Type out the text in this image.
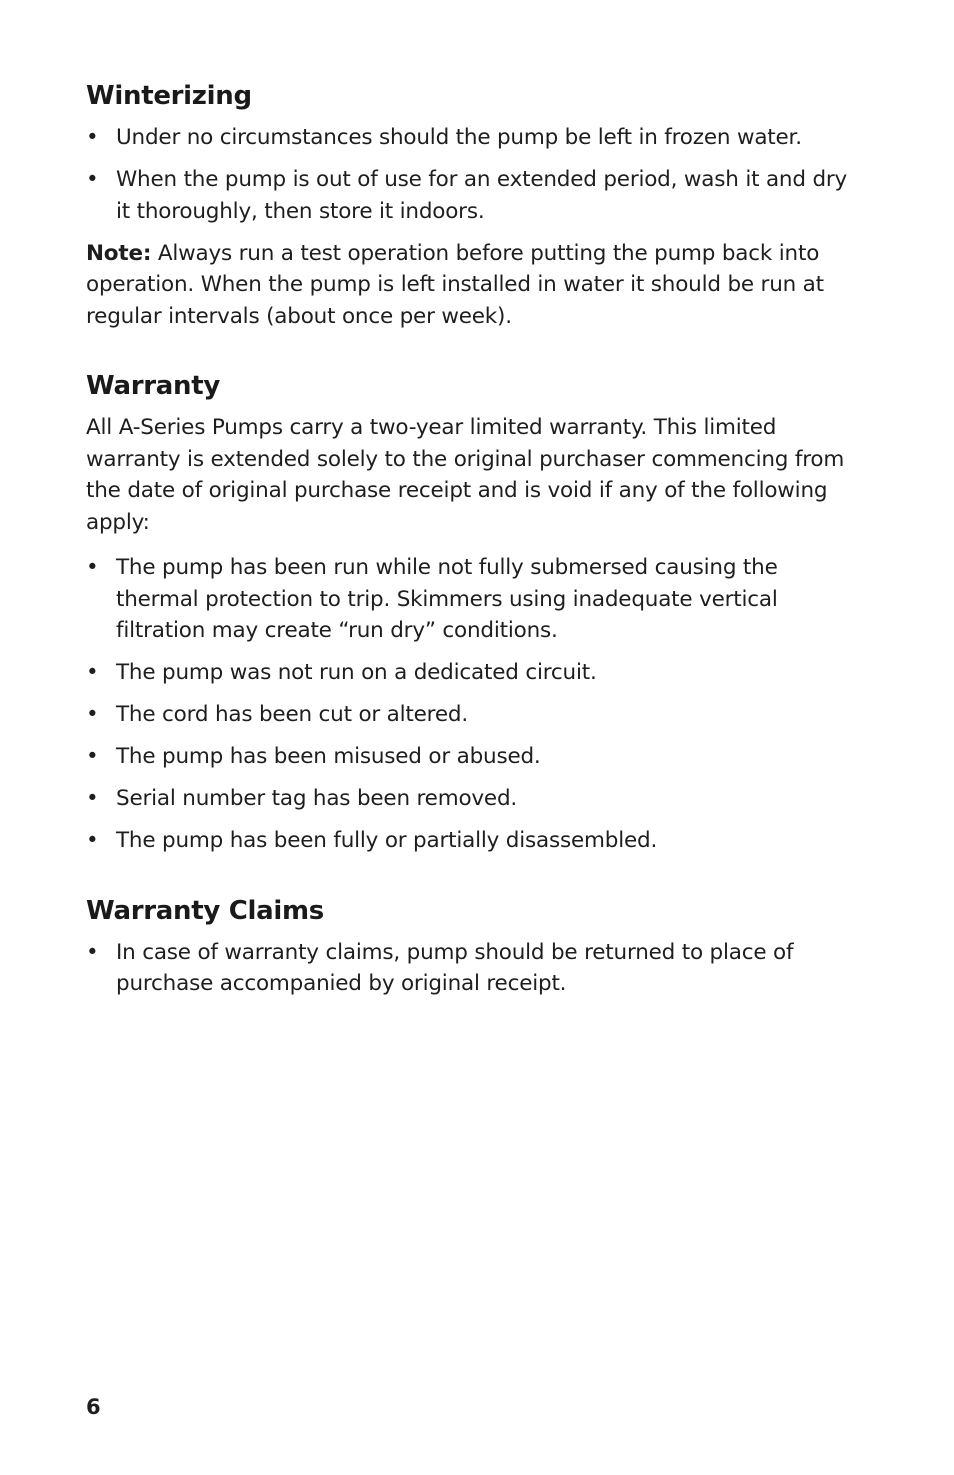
Winterizing
• Under no circumstances should the pump be left in frozen water.
• When the pump is out of use for an extended period, wash it and dry it thoroughly, then store it indoors.

Note: Always run a test operation before putting the pump back into operation. When the pump is left installed in water it should be run at regular intervals (about once per week).

Warranty

All A-Series Pumps carry a two-year limited warranty. This limited warranty is extended solely to the original purchaser commencing from the date of original purchase receipt and is void if any of the following apply:

• The pump has been run while not fully submersed causing the thermal protection to trip. Skimmers using inadequate vertical filtration may create “run dry” conditions.
• The pump was not run on a dedicated circuit.
• The cord has been cut or altered.
• The pump has been misused or abused.
• Serial number tag has been removed.
• The pump has been fully or partially disassembled.
Warranty Claims
• In case of warranty claims, pump should be returned to place of purchase accompanied by original receipt.
6
